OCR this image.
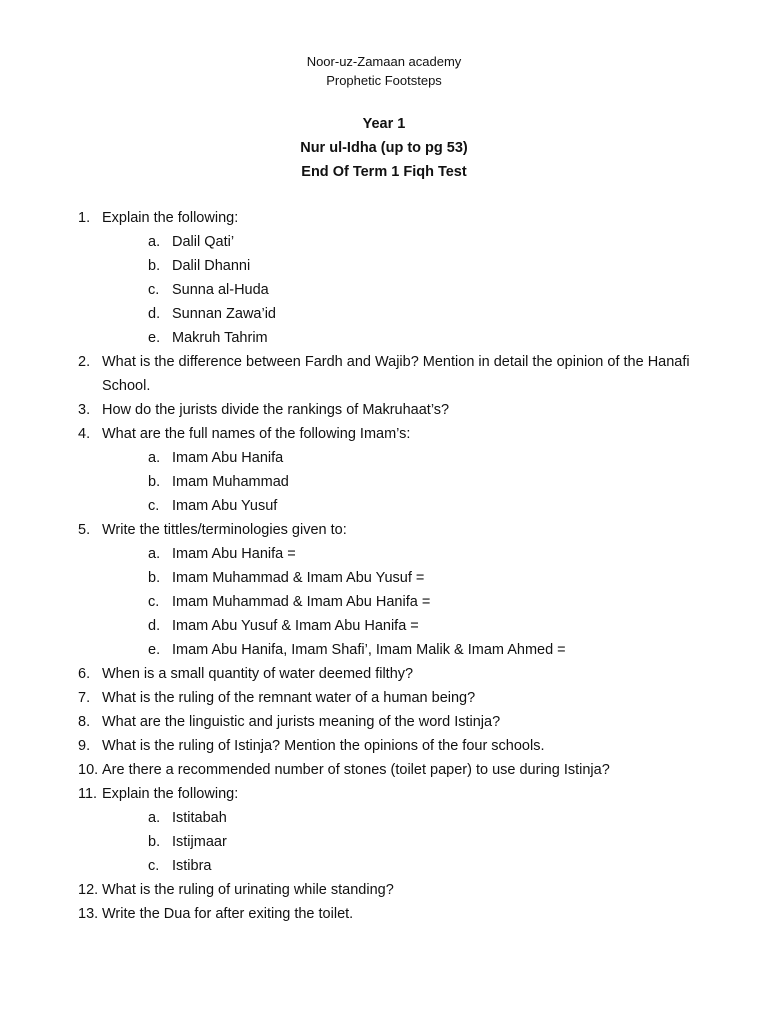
Noor-uz-Zamaan academy
Prophetic Footsteps
Year 1
Nur ul-Idha (up to pg 53)
End Of Term 1 Fiqh Test
1. Explain the following:
a. Dalil Qati’
b. Dalil Dhanni
c. Sunna al-Huda
d. Sunnan Zawa’id
e. Makruh Tahrim
2. What is the difference between Fardh and Wajib? Mention in detail the opinion of the Hanafi School.
3. How do the jurists divide the rankings of Makruhaat’s?
4. What are the full names of the following Imam’s:
a. Imam Abu Hanifa
b. Imam Muhammad
c. Imam Abu Yusuf
5. Write the tittles/terminologies given to:
a. Imam Abu Hanifa =
b. Imam Muhammad & Imam Abu Yusuf =
c. Imam Muhammad & Imam Abu Hanifa =
d. Imam Abu Yusuf & Imam Abu Hanifa =
e. Imam Abu Hanifa, Imam Shafi’, Imam Malik & Imam Ahmed =
6. When is a small quantity of water deemed filthy?
7. What is the ruling of the remnant water of a human being?
8. What are the linguistic and jurists meaning of the word Istinja?
9. What is the ruling of Istinja? Mention the opinions of the four schools.
10. Are there a recommended number of stones (toilet paper) to use during Istinja?
11. Explain the following:
a. Istitabah
b. Istijmaar
c. Istibra
12. What is the ruling of urinating while standing?
13. Write the Dua for after exiting the toilet.
